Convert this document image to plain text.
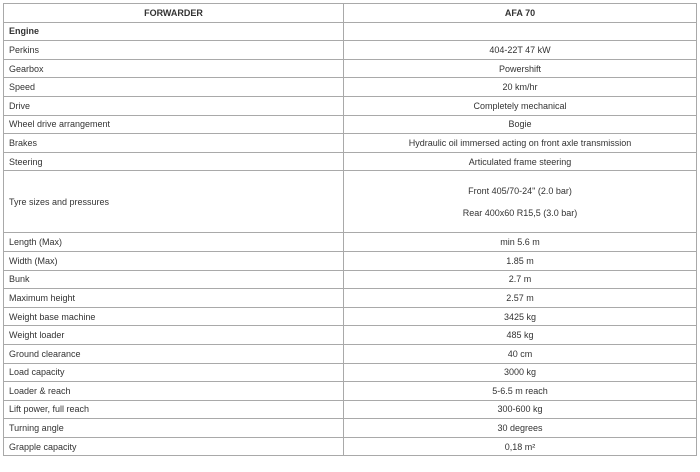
FORWARDER	AFA 70
Engine	
Perkins	404-22T 47 kW
Gearbox	Powershift
Speed	20 km/hr
Drive	Completely mechanical
Wheel drive arrangement	Bogie
Brakes	Hydraulic oil immersed acting on front axle transmission
Steering	Articulated frame steering
Tyre sizes and pressures	Front 405/70-24" (2.0 bar)
Rear 400x60 R15,5 (3.0 bar)

Length (Max)	min 5.6 m
Width (Max)	1.85 m
Bunk	2.7 m
Maximum height	2.57 m
Weight base machine	3425 kg
Weight loader	485 kg
Ground clearance	40 cm
Load capacity	3000 kg
Loader & reach	5-6.5 m reach
Lift power, full reach	300-600 kg
Turning angle	30 degrees
Grapple capacity	0,18 m²
